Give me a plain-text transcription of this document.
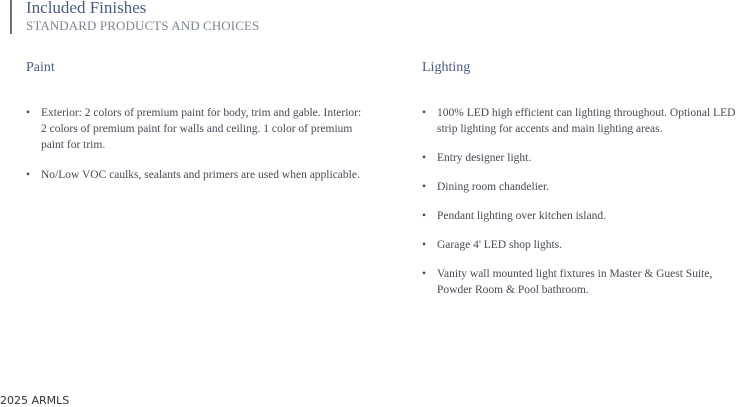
Included Finishes
STANDARD PRODUCTS AND CHOICES
Paint
• Exterior: 2 colors of premium paint for body, trim and gable. Interior: 2 colors of premium paint for walls and ceiling. 1 color of premium paint for trim.
• No/Low VOC caulks, sealants and primers are used when applicable.
Lighting
• 100% LED high efficient can lighting throughout. Optional LED strip lighting for accents and main lighting areas.
• Entry designer light.
• Dining room chandelier.
• Pendant lighting over kitchen island.
• Garage 4' LED shop lights.
• Vanity wall mounted light fixtures in Master & Guest Suite, Powder Room & Pool bathroom.
2025 ARMLS
